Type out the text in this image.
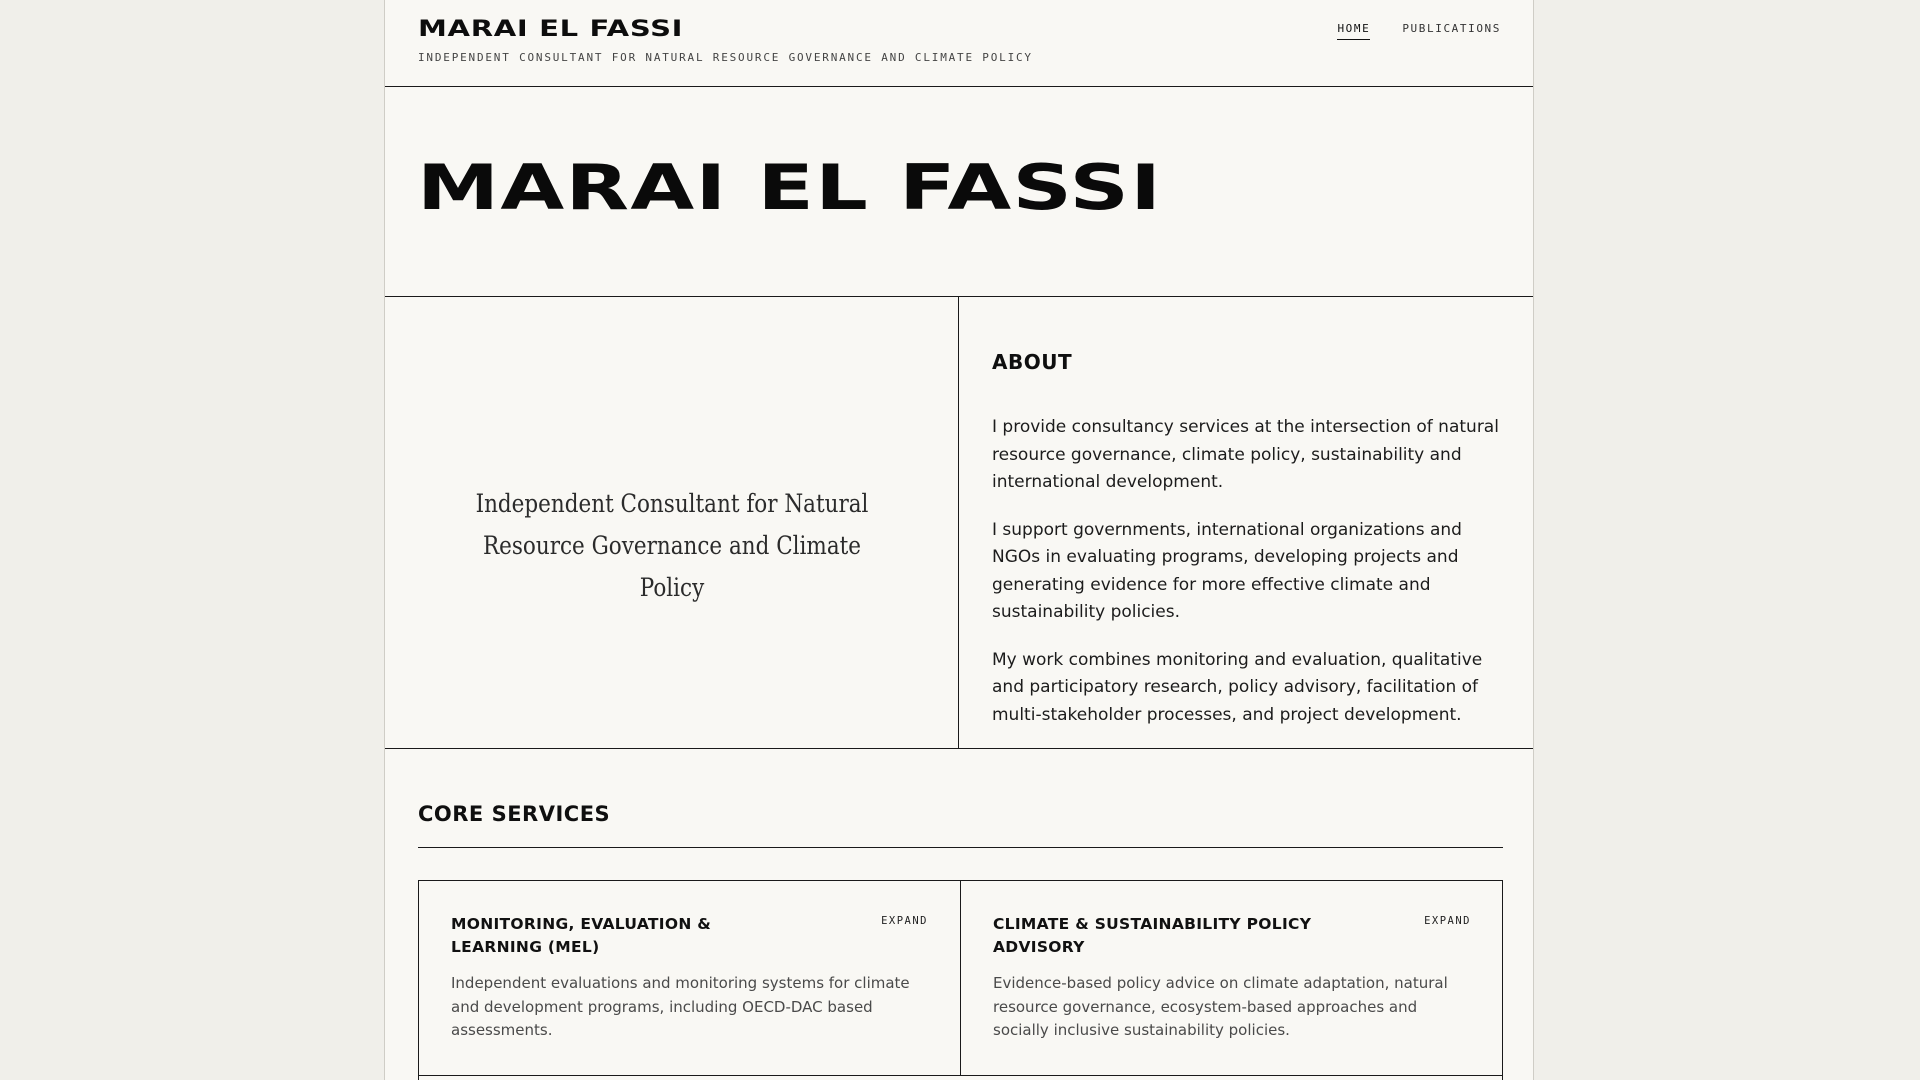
MARAI EL FASSI
INDEPENDENT CONSULTANT FOR NATURAL RESOURCE GOVERNANCE AND CLIMATE POLICY
HOME	PUBLICATIONS
MARAI EL FASSI
Independent Consultant for Natural Resource Governance and Climate Policy
ABOUT

I provide consultancy services at the intersection of natural resource governance, climate policy, sustainability and international development.

I support governments, international organizations and NGOs in evaluating programs, developing projects and generating evidence for more effective climate and sustainability policies.

My work combines monitoring and evaluation, qualitative and participatory research, policy advisory, facilitation of multi-stakeholder processes, and project development.

CORE SERVICES
MONITORING, EVALUATION & LEARNING (MEL)
EXPAND
Independent evaluations and monitoring systems for climate and development programs, including OECD-DAC based assessments.
CLIMATE & SUSTAINABILITY POLICY ADVISORY
EXPAND
Evidence-based policy advice on climate adaptation, natural resource governance, ecosystem-based approaches and socially inclusive sustainability policies.
